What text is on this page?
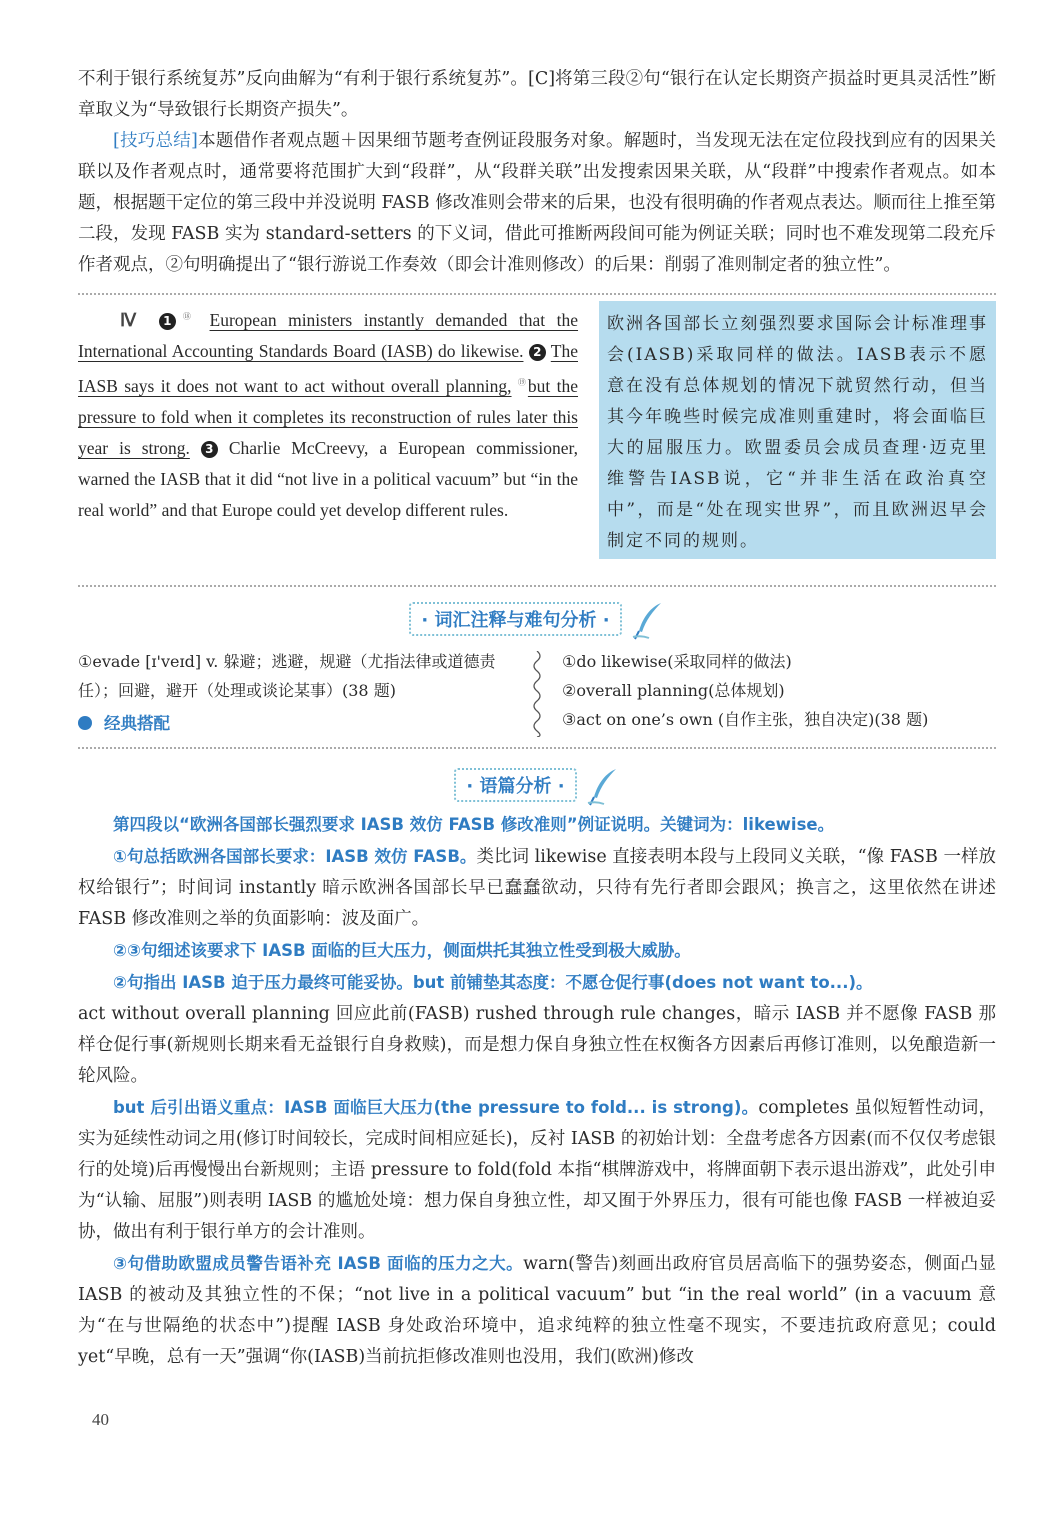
不利于银行系统复苏”反向曲解为“有利于银行系统复苏”。[C]将第三段②句“银行在认定长期资产损益时更具灵活性”断章取义为“导致银行长期资产损失”。

[技巧总结]本题借作者观点题＋因果细节题考查例证段服务对象。解题时，当发现无法在定位段找到应有的因果关联以及作者观点时，通常要将范围扩大到“段群”，从“段群关联”出发搜索因果关联，从“段群”中搜索作者观点。如本题，根据题干定位的第三段中并没说明 FASB 修改准则会带来的后果，也没有很明确的作者观点表达。顺而往上推至第二段，发现 FASB 实为 standard-setters 的下义词，借此可推断两段间可能为例证关联；同时也不难发现第二段充斥作者观点，②句明确提出了“银行游说工作奏效（即会计准则修改）的后果：削弱了准则制定者的独立性”。

Ⅳ 1 ⑱ European ministers instantly demanded that the International Accounting Standards Board (IASB) do likewise. 2 The IASB says it does not want to act without overall planning, ⑲but the pressure to fold when it completes its reconstruction of rules later this year is strong. 3 Charlie McCreevy, a European commissioner, warned the IASB that it did “not live in a political vacuum” but “in the real world” and that Europe could yet develop different rules.
欧洲各国部长立刻强烈要求国际会计标准理事会(IASB)采取同样的做法。IASB表示不愿意在没有总体规划的情况下就贸然行动，但当其今年晚些时候完成准则重建时，将会面临巨大的屈服压力。欧盟委员会成员查理·迈克里维警告IASB说，它“并非生活在政治真空中”，而是“处在现实世界”，而且欧洲迟早会制定不同的规则。
· 词汇注释与难句分析 ·

①evade [ɪ'veɪd] v. 躲避；逃避，规避（尤指法律或道德责任）；回避，避开（处理或谈论某事）(38 题)

经典搭配

①do likewise(采取同样的做法)

②overall planning(总体规划)

③act on one’s own (自作主张，独自决定)(38 题)

· 语篇分析 ·

第四段以“欧洲各国部长强烈要求 IASB 效仿 FASB 修改准则”例证说明。关键词为：likewise。

①句总括欧洲各国部长要求：IASB 效仿 FASB。类比词 likewise 直接表明本段与上段同义关联，“像 FASB 一样放权给银行”；时间词 instantly 暗示欧洲各国部长早已蠢蠢欲动，只待有先行者即会跟风；换言之，这里依然在讲述 FASB 修改准则之举的负面影响：波及面广。

②③句细述该要求下 IASB 面临的巨大压力，侧面烘托其独立性受到极大威胁。

②句指出 IASB 迫于压力最终可能妥协。but 前铺垫其态度：不愿仓促行事(does not want to...)。

act without overall planning 回应此前(FASB) rushed through rule changes，暗示 IASB 并不愿像 FASB 那样仓促行事(新规则长期来看无益银行自身救赎)，而是想力保自身独立性在权衡各方因素后再修订准则，以免酿造新一轮风险。

but 后引出语义重点：IASB 面临巨大压力(the pressure to fold... is strong)。completes 虽似短暂性动词，实为延续性动词之用(修订时间较长，完成时间相应延长)，反衬 IASB 的初始计划：全盘考虑各方因素(而不仅仅考虑银行的处境)后再慢慢出台新规则；主语 pressure to fold(fold 本指“棋牌游戏中，将牌面朝下表示退出游戏”，此处引申为“认输、屈服”)则表明 IASB 的尴尬处境：想力保自身独立性，却又囿于外界压力，很有可能也像 FASB 一样被迫妥协，做出有利于银行单方的会计准则。

③句借助欧盟成员警告语补充 IASB 面临的压力之大。warn(警告)刻画出政府官员居高临下的强势姿态，侧面凸显 IASB 的被动及其独立性的不保；“not live in a political vacuum” but “in the real world” (in a vacuum 意为“在与世隔绝的状态中”)提醒 IASB 身处政治环境中，追求纯粹的独立性毫不现实，不要违抗政府意见；could yet“早晚，总有一天”强调“你(IASB)当前抗拒修改准则也没用，我们(欧洲)修改

40
